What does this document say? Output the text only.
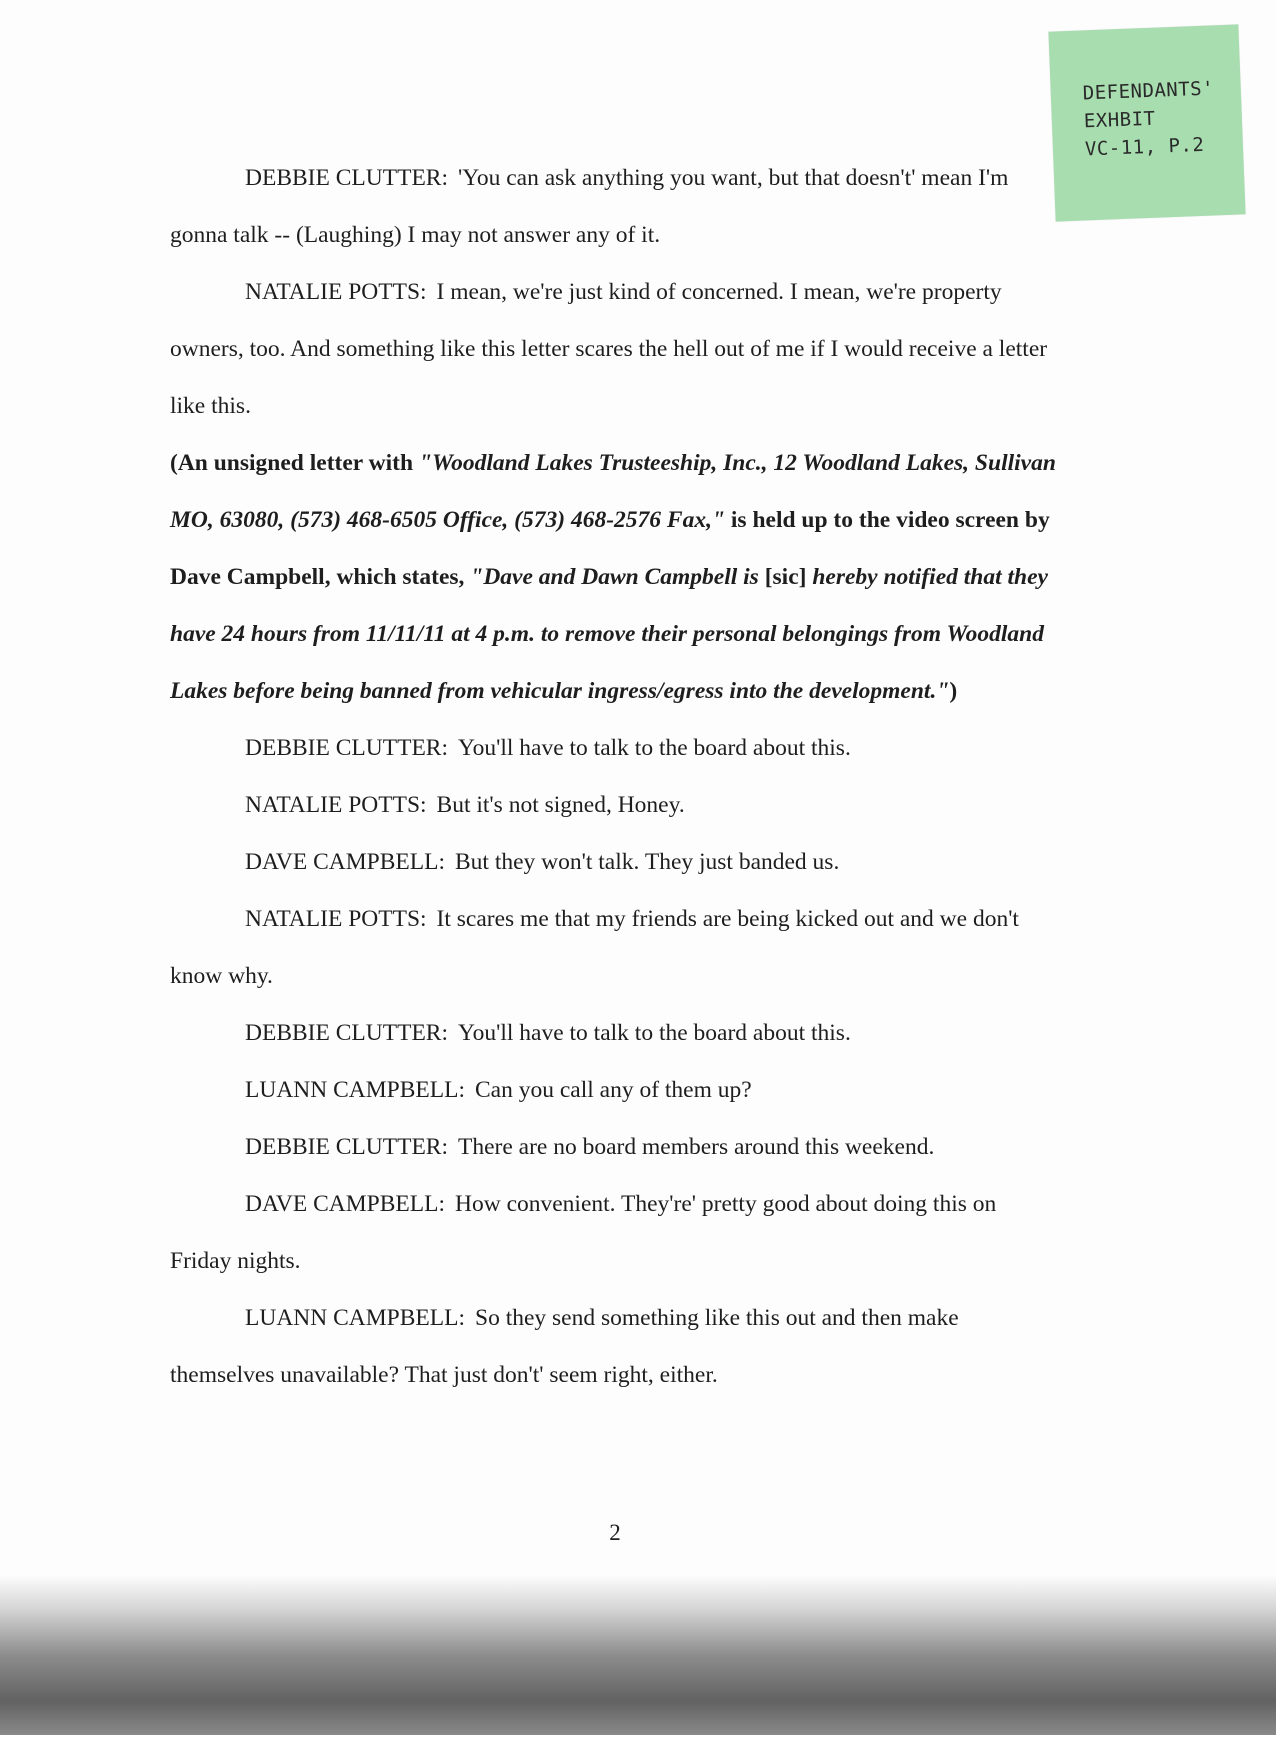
DEFENDANTS'
EXHBIT
VC-11, P.2

DEBBIE CLUTTER: 'You can ask anything you want, but that doesn't' mean I'm gonna talk -- (Laughing) I may not answer any of it.

NATALIE POTTS: I mean, we're just kind of concerned. I mean, we're property owners, too. And something like this letter scares the hell out of me if I would receive a letter like this.

(An unsigned letter with "Woodland Lakes Trusteeship, Inc., 12 Woodland Lakes, Sullivan MO, 63080, (573) 468-6505 Office, (573) 468-2576 Fax," is held up to the video screen by Dave Campbell, which states, "Dave and Dawn Campbell is [sic] hereby notified that they have 24 hours from 11/11/11 at 4 p.m. to remove their personal belongings from Woodland Lakes before being banned from vehicular ingress/egress into the development.")

DEBBIE CLUTTER: You'll have to talk to the board about this.

NATALIE POTTS: But it's not signed, Honey.

DAVE CAMPBELL: But they won't talk. They just banded us.

NATALIE POTTS: It scares me that my friends are being kicked out and we don't know why.

DEBBIE CLUTTER: You'll have to talk to the board about this.

LUANN CAMPBELL: Can you call any of them up?

DEBBIE CLUTTER: There are no board members around this weekend.

DAVE CAMPBELL: How convenient. They're' pretty good about doing this on Friday nights.

LUANN CAMPBELL: So they send something like this out and then make themselves unavailable? That just don't' seem right, either.

2
